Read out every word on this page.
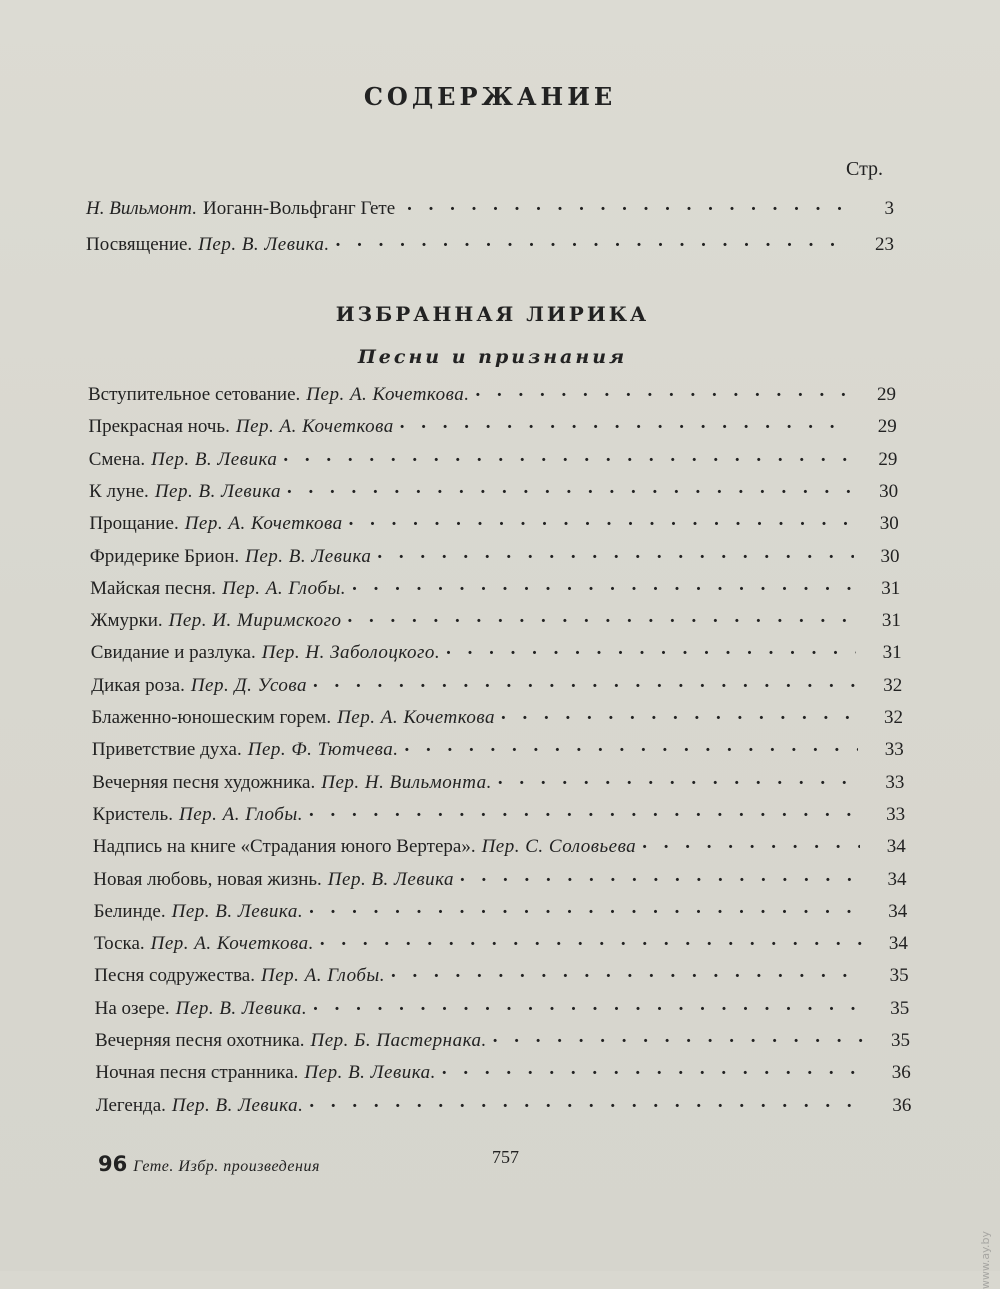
СОДЕРЖАНИЕ
Стр.
Н. Вильмонт. Иоганн-Вольфганг Гете . . .	3
Посвящение. Пер. В. Левика. . . .	23
ИЗБРАННАЯ ЛИРИКА
Песни и признания
Вступительное сетование. Пер. А. Кочеткова. . . .	29
Прекрасная ночь. Пер. А. Кочеткова . . .	29
Смена. Пер. В. Левика . . .	29
К луне. Пер. В. Левика . . .	30
Прощание. Пер. А. Кочеткова . . .	30
Фридерике Брион. Пер. В. Левика . . .	30
Майская песня. Пер. А. Глобы. . . .	31
Жмурки. Пер. И. Миримского . . .	31
Свидание и разлука. Пер. Н. Заболоцкого. . . .	31
Дикая роза. Пер. Д. Усова . . .	32
Блаженно-юношеским горем. Пер. А. Кочеткова . . .	32
Приветствие духа. Пер. Ф. Тютчева. . . .	33
Вечерняя песня художника. Пер. Н. Вильмонта. . . .	33
Кристель. Пер. А. Глобы. . . .	33
Надпись на книге «Страдания юного Вертера». Пер. С. Соловьева . . .	34
Новая любовь, новая жизнь. Пер. В. Левика . . .	34
Белинде. Пер. В. Левика. . . .	34
Тоска. Пер. А. Кочеткова. . . .	34
Песня содружества. Пер. А. Глобы. . . .	35
На озере. Пер. В. Левика. . . .	35
Вечерняя песня охотника. Пер. Б. Пастернака. . . .	35
Ночная песня странника. Пер. В. Левика. . . .	36
Легенда. Пер. В. Левика. . . .	36
96 Гете. Избр. произведения	757
www.ay.by
